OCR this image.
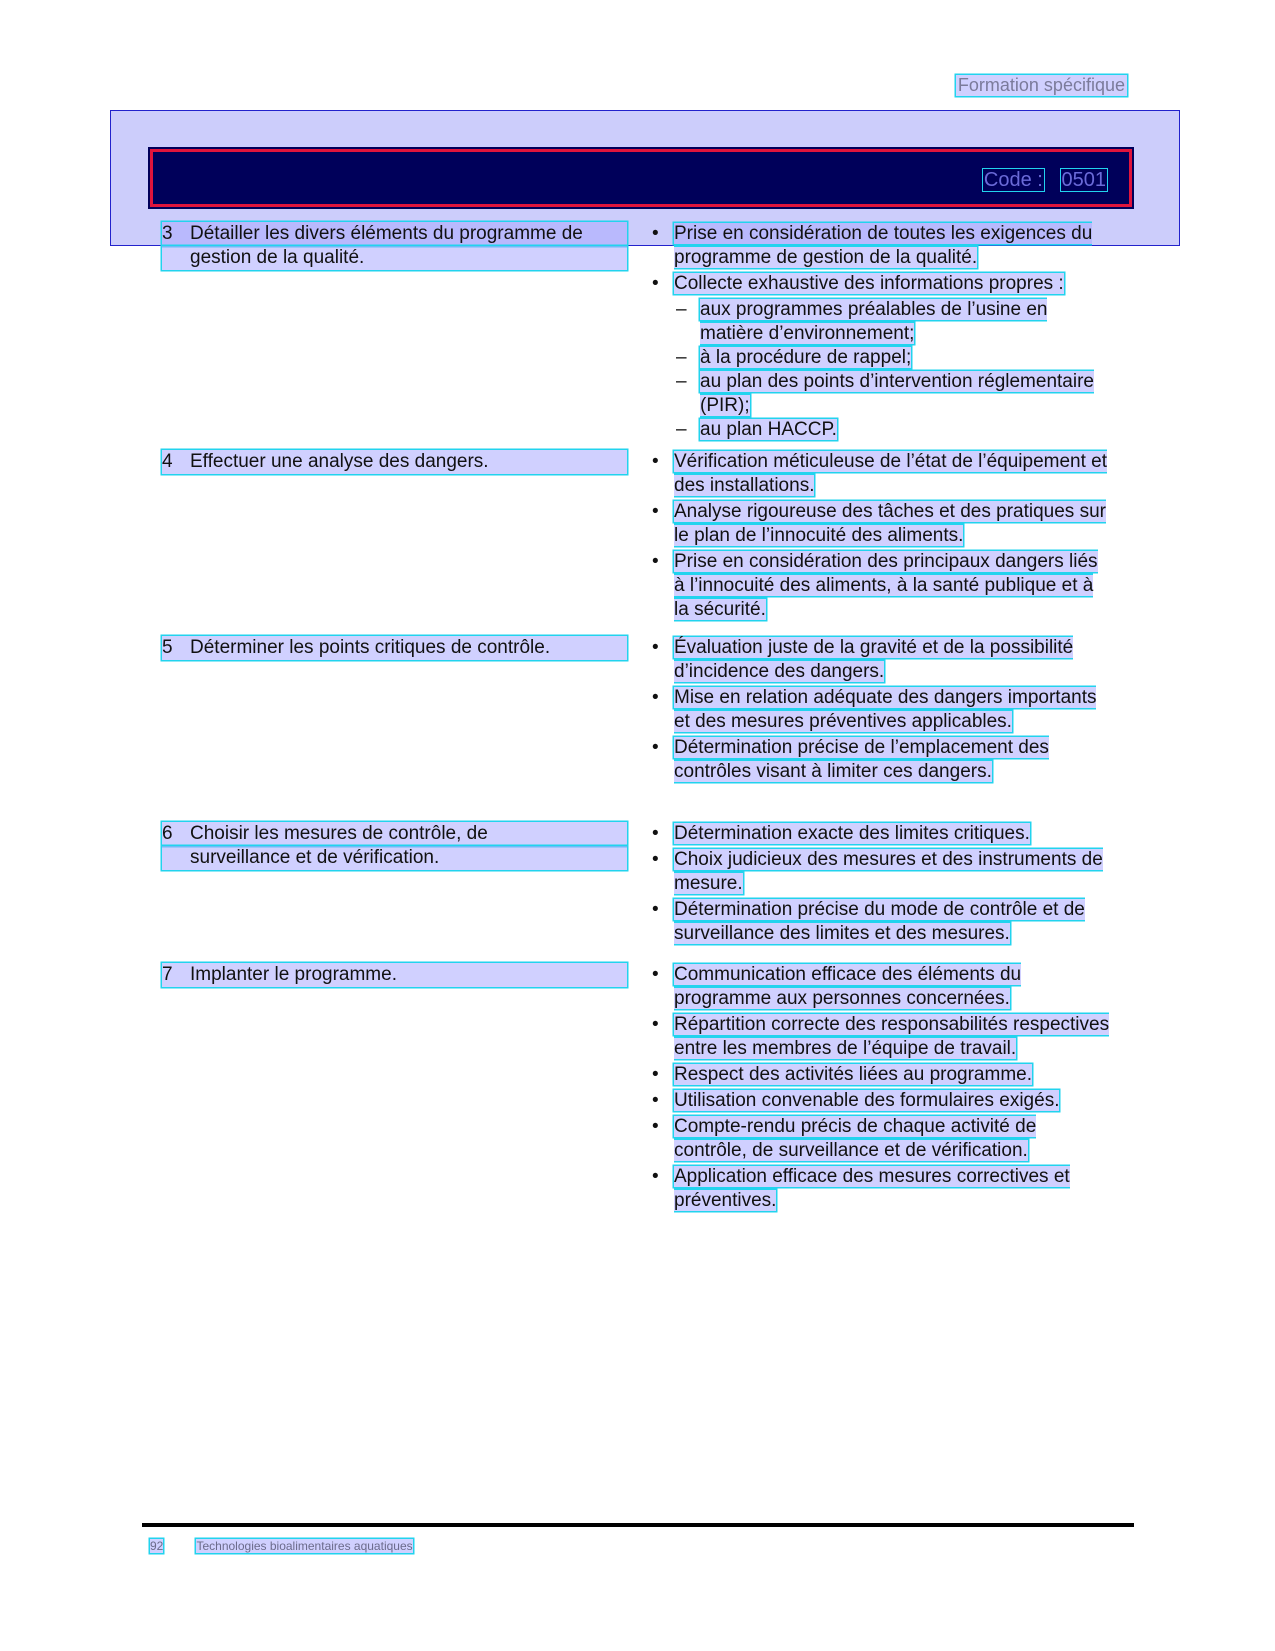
Formation spécifique
Code : 0501
3 Détailler les divers éléments du programme de
gestion de la qualité.
• Prise en considération de toutes les exigences du programme de gestion de la qualité.
• Collecte exhaustive des informations propres :
– aux programmes préalables de l’usine en matière d’environnement;
– à la procédure de rappel;
– au plan des points d’intervention réglementaire (PIR);
– au plan HACCP.
4 Effectuer une analyse des dangers.	• Vérification méticuleuse de l’état de l’équipement et des installations.
• Analyse rigoureuse des tâches et des pratiques sur le plan de l’innocuité des aliments.
• Prise en considération des principaux dangers liés à l’innocuité des aliments, à la santé publique et à la sécurité.
5 Déterminer les points critiques de contrôle.	• Évaluation juste de la gravité et de la possibilité d’incidence des dangers.
• Mise en relation adéquate des dangers importants et des mesures préventives applicables.
• Détermination précise de l’emplacement des contrôles visant à limiter ces dangers.
6 Choisir les mesures de contrôle, de
surveillance et de vérification.
• Détermination exacte des limites critiques.
• Choix judicieux des mesures et des instruments de mesure.
• Détermination précise du mode de contrôle et de surveillance des limites et des mesures.
7 Implanter le programme.	• Communication efficace des éléments du programme aux personnes concernées.
• Répartition correcte des responsabilités respectives entre les membres de l’équipe de travail.
• Respect des activités liées au programme.
• Utilisation convenable des formulaires exigés.
• Compte-rendu précis de chaque activité de contrôle, de surveillance et de vérification.
• Application efficace des mesures correctives et préventives.
92	Technologies bioalimentaires aquatiques
